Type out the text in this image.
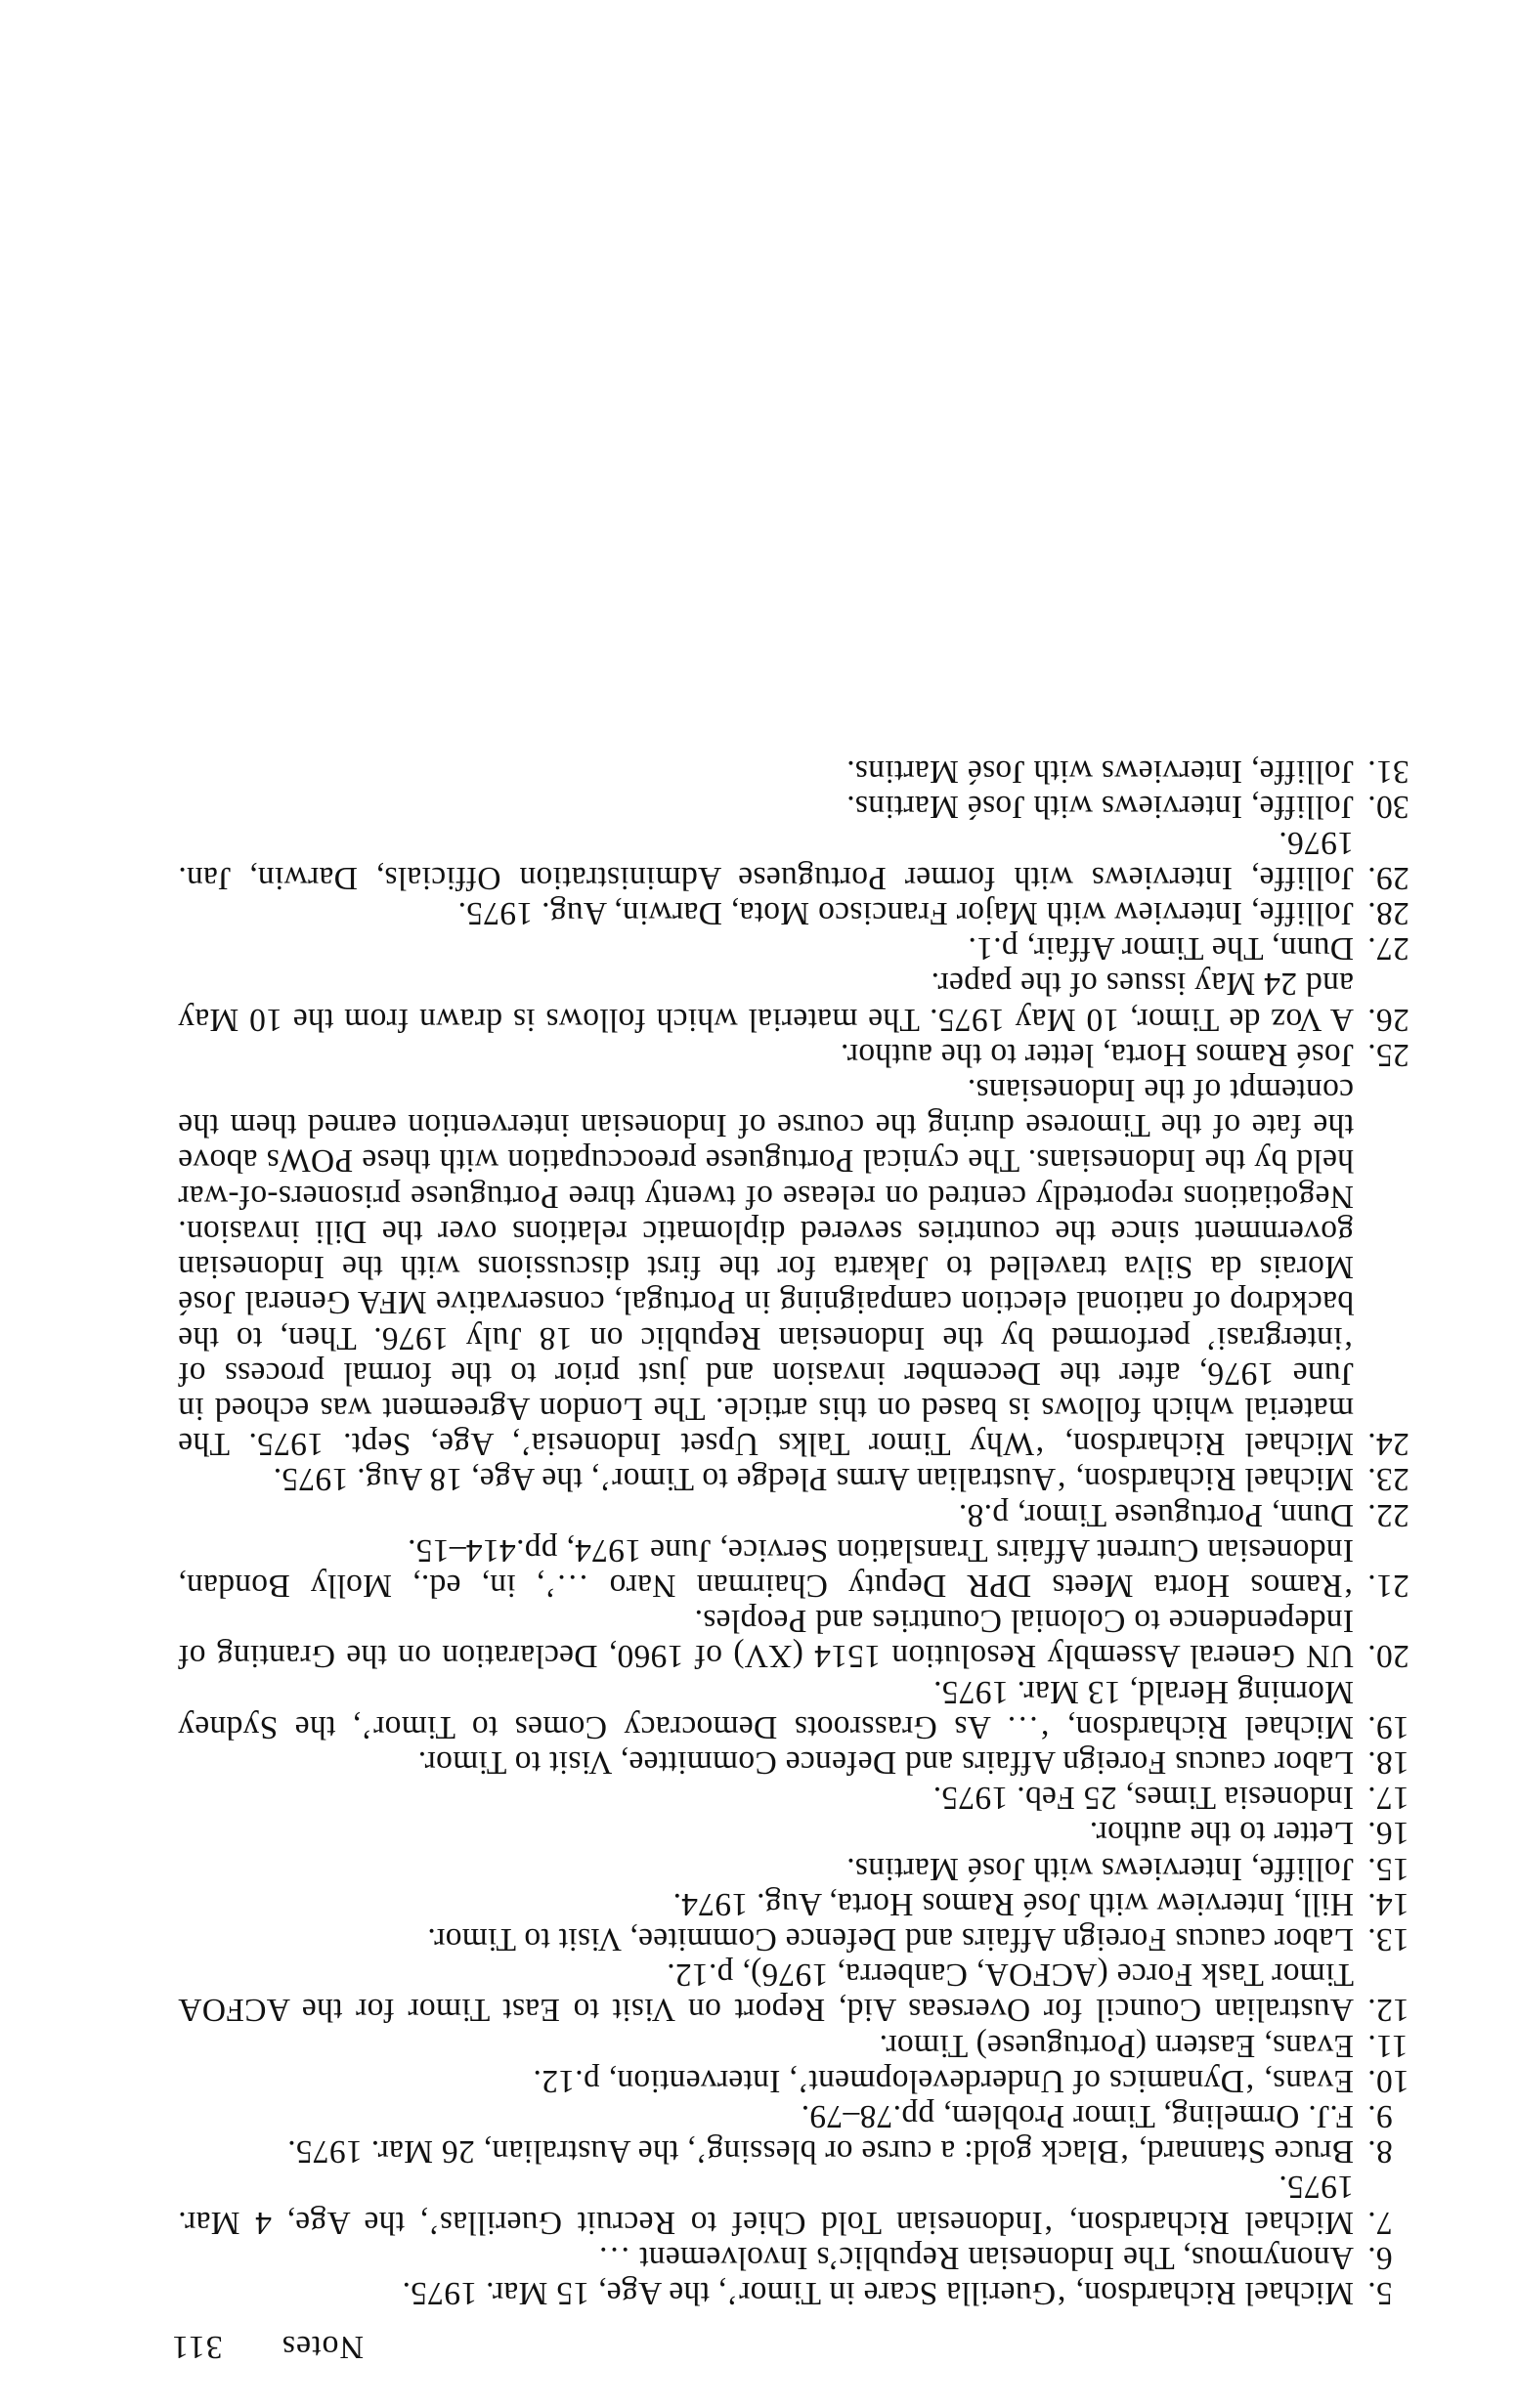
Notes311
5.
Michael Richardson, ‘Guerilla Scare in Timor’, the Age, 15 Mar. 1975.
6.
Anonymous, The Indonesian Republic’s Involvement …
7.
Michael Richardson, ‘Indonesian Told Chief to Recruit Guerillas’, the Age, 4 Mar. 1975.
8.
Bruce Stannard, ‘Black gold: a curse or blessing’, the Australian, 26 Mar. 1975.
9.
F.J. Ormeling, Timor Problem, pp.78–79.
10.
Evans, ‘Dynamics of Underdevelopment’, Intervention, p.12.
11.
Evans, Eastern (Portuguese) Timor.
12.
Australian Council for Overseas Aid, Report on Visit to East Timor for the ACFOA Timor Task Force (ACFOA, Canberra, 1976), p.12.
13.
Labor caucus Foreign Affairs and Defence Commitee, Visit to Timor.
14.
Hill, Interview with José Ramos Horta, Aug. 1974.
15.
Jolliffe, Interviews with José Martins.
16.
Letter to the author.
17.
Indonesia Times, 25 Feb. 1975.
18.
Labor caucus Foreign Affairs and Defence Committee, Visit to Timor.
19.
Michael Richardson, ‘… As Grassroots Democracy Comes to Timor’, the Sydney Morning Herald, 13 Mar. 1975.
20.
UN General Assembly Resolution 1514 (XV) of 1960, Declaration on the Granting of Independence to Colonial Countries and Peoples.
21.
‘Ramos Horta Meets DPR Deputy Chairman Naro …’, in, ed., Molly Bondan, Indonesian Current Affairs Translation Service, June 1974, pp.414–15.
22.
Dunn, Portuguese Timor, p.8.
23.
Michael Richardson, ‘Australian Arms Pledge to Timor’, the Age, 18 Aug. 1975.
24.
Michael Richardson, ‘Why Timor Talks Upset Indonesia’, Age, Sept. 1975. The material which follows is based on this article. The London Agreement was echoed in June 1976, after the December invasion and just prior to the formal process of ‘intergrasi’ performed by the Indonesian Republic on 18 July 1976. Then, to the backdrop of national election campaigning in Portugal, conservative MFA General José Morais da Silva travelled to Jakarta for the first discussions with the Indonesian government since the countries severed diplomatic relations over the Dili invasion. Negotiations reportedly centred on release of twenty three Portuguese prisoners-of-war held by the Indonesians. The cynical Portuguese preoccupation with these POWs above the fate of the Timorese during the course of Indonesian intervention earned them the contempt of the Indonesians.
25.
José Ramos Horta, letter to the author.
26.
A Voz de Timor, 10 May 1975. The material which follows is drawn from the 10 May and 24 May issues of the paper.
27.
Dunn, The Timor Affair, p.1.
28.
Jolliffe, Interview with Major Francisco Mota, Darwin, Aug. 1975.
29.
Jolliffe, Interviews with former Portuguese Administration Officials, Darwin, Jan. 1976.
30.
Jolliffe, Interviews with José Martins.
31.
Jolliffe, Interviews with José Martins.
